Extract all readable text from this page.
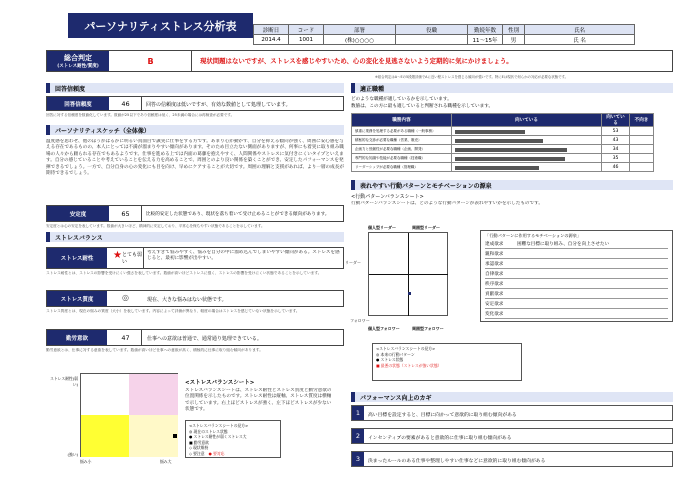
パーソナリティストレス分析表	診断日	コード	部署	役職	勤続年数	性別	氏名
2014.4	1001	(株)○○○○		11～15年	男	氏 名
総合判定
(ストレス耐性/質度)
B	現状問題はないですが、ストレスを感じやすいため、心の変化を見逃さないよう定期的に気にかけましょう。
※総合判定はA～Eの5段階評価でAに近い程ストレスを感じる傾向が強いです。特にEは現状で何らかの対応が必要な状態です。
回答信頼度
回答信頼度	46	回答の信頼度は低いですが、有効な数値として処理しています。
回答に対する信頼度を数値化しています。数値が25以下であり信頼度は低く、25未満の場合には再検査が必要です。
パーソナリティスケッチ（全体像）
温度感を思わせ、他のほうがはるかに明るい真面目で誠実に仕事をする方です。あまり心が動かず、自分を抑える傾向が強く、周囲に安心感を与える存在であるものの、本人にとっては不満が溜まりやすい傾向があります。そのため目立たない側面がありますが、何事にも着実に取り組み職場の人々から頼られる存在でもあるようです。仕事を進める上では内面の葛藤を抱えやすく、人間関係やストレスに気付きにくいタイプといえます。自分の感じていることや考えていることを伝える力を高めることで、周囲とのより良い関係を築くことができ、安定したパフォーマンスを発揮できるでしょう。一方で、自分自身の心の変化にも目を向け、早めにケアすることが大切です。周囲の理解と支援があれば、より一層の成長が期待できるでしょう。
安定度	65	比較的安定した状態であり、現状を落ち着いて受け止めることができる傾向があります。
安定度とは心の安定を表しています。数値が大きいほど、精神的に安定しており、平常心を保ちやすい状態であることを示しています。
ストレスバランス
ストレス耐性	★ とても弱い
考えすぎて悩みやすく、悩みを自分の中に溜め込んでしまいやすい傾向がある。ストレスを感じると、最初に影響が出やすい。
ストレス耐性とは、ストレスの影響を受けにくい強さを表しています。数値が高いほどストレスに強く、ストレスの影響を受けにくい状態であることを示しています。
ストレス質度	◎	現在、大きな悩みはない状態です。
ストレス質度とは、現在の悩みの質度（大小）を表しています。内容によって評価が異なり、軽度の場合はストレスを感じていない状態を示しています。
勤労意欲	47	仕事への意欲は普通で、通常通り処理できている。
勤労意欲とは、仕事に対する意欲を表しています。数値が高いほど仕事への意欲が高く、積極的に仕事に取り組む傾向があります。
ストレス耐性(弱い)
(強い)
悩み小	悩み大
<ストレスバランスシート>
ストレスバランスシートは、ストレス耐性とストレス質度と勤労意欲の位置関係を示したものです。ストレス耐性は縦軸、ストレス質度は横軸で示しています。右上ほどストレスが強く、左下ほどストレスが少ない状態です。
<ストレスバランスシートの見方>
◎ 現在のストレス状態
● ストレス耐性が弱くストレス大
■ 勤労意欲
◇ 現状維持
◇ 要注意 ● 要対応
適正職種
どのような職種が適しているかを示しています。
数値は、この方に最も適していると判断される職種を示しています。
職務内容	向いている	向いている	不向き
慎重に業務を処理する必要がある職種（一般事務）		53	
積極的な交渉が必要な職種（営業、販売）		43	
企画力と独創性が必要な職種（企画、開発）		34	
専門的な知識や技能が必要な職種（技術職）		35	
リーダーシップが必要な職種（管理職）		46	
表れやすい行動パターンとモチベーションの源泉
<行動パターンバランスシート>
行動パターンバランスシートは、どのような行動パターンが表れやすいかを示したものです。
個人型リーダー	周囲型リーダー
リーダー
フォロワー
個人型フォロワー	周囲型フォロワー
<ストレスバランスシートの見方>
◎ 本来の行動パターン
● ストレス状態
■ 最悪の状態（ストレスが強い状態）
「行動パターンに作用するモチベーションの源泉」
達成欲求	困難な目標に取り組み、自分を向上させたい
親和欲求
承認欲求
自律欲求
秩序欲求
貢献欲求
安定欲求
変化欲求
パフォーマンス向上のカギ
1	高い目標を設定すると、目標に向かって意欲的に取り組む傾向がある
2	インセンティブの要素があると意欲的に仕事に取り組む傾向がある
3	決まったルールのある仕事や整理しやすい仕事などに意欲的に取り組む傾向がある
